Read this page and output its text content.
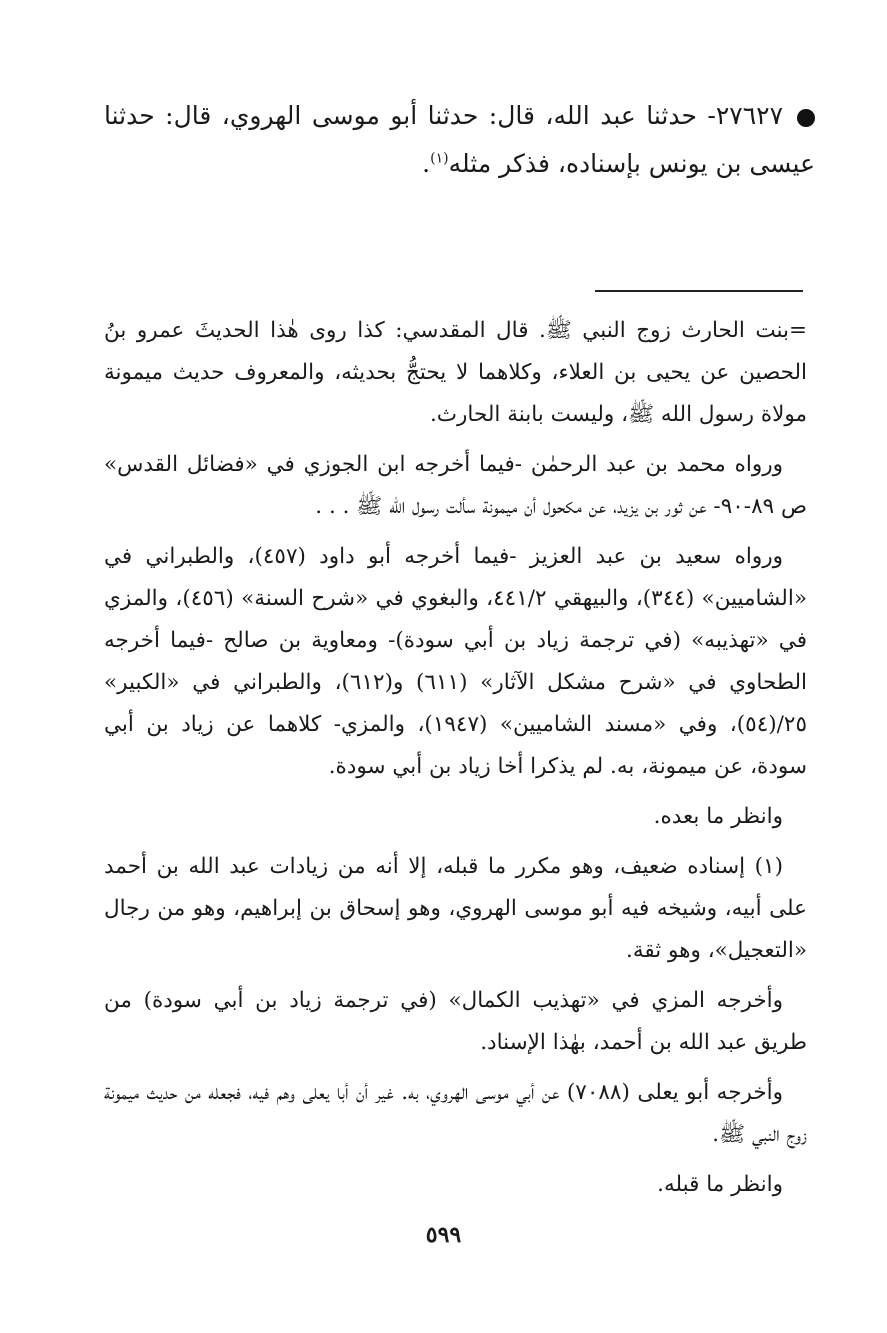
٢٧٦٢٧- حدثنا عبد الله، قال: حدثنا أبو موسى الهروي، قال: حدثنا عيسى بن يونس بإسناده، فذكر مثله$^{(١)}$.

=بنت الحارث زوج النبي ﷺ. قال المقدسي: كذا روى هٰذا الحديثَ عمرو بنُ الحصين عن يحيى بن العلاء، وكلاهما لا يحتجُّ بحديثه، والمعروف حديث ميمونة مولاة رسول الله ﷺ، وليست بابنة الحارث.

ورواه محمد بن عبد الرحمٰن -فيما أخرجه ابن الجوزي في «فضائل القدس» ص ٨٩-٩٠- عن ثور بن يزيد، عن مكحول أن ميمونة سألت رسول الله ﷺ . . .

ورواه سعيد بن عبد العزيز -فيما أخرجه أبو داود (٤٥٧)، والطبراني في «الشاميين» (٣٤٤)، والبيهقي ٤٤١/٢، والبغوي في «شرح السنة» (٤٥٦)، والمزي في «تهذيبه» (في ترجمة زياد بن أبي سودة)- ومعاوية بن صالح -فيما أخرجه الطحاوي في «شرح مشكل الآثار» (٦١١) و(٦١٢)، والطبراني في «الكبير» ٢٥/(٥٤)، وفي «مسند الشاميين» (١٩٤٧)، والمزي- كلاهما عن زياد بن أبي سودة، عن ميمونة، به. لم يذكرا أخا زياد بن أبي سودة.

وانظر ما بعده.

(١) إسناده ضعيف، وهو مكرر ما قبله، إلا أنه من زيادات عبد الله بن أحمد على أبيه، وشيخه فيه أبو موسى الهروي، وهو إسحاق بن إبراهيم، وهو من رجال «التعجيل»، وهو ثقة.

وأخرجه المزي في «تهذيب الكمال» (في ترجمة زياد بن أبي سودة) من طريق عبد الله بن أحمد، بهٰذا الإسناد.

وأخرجه أبو يعلى (٧٠٨٨) عن أبي موسى الهروي، به. غير أن أبا يعلى وهم فيه، فجعله من حديث ميمونة زوج النبي ﷺ.

وانظر ما قبله.

٥٩٩
